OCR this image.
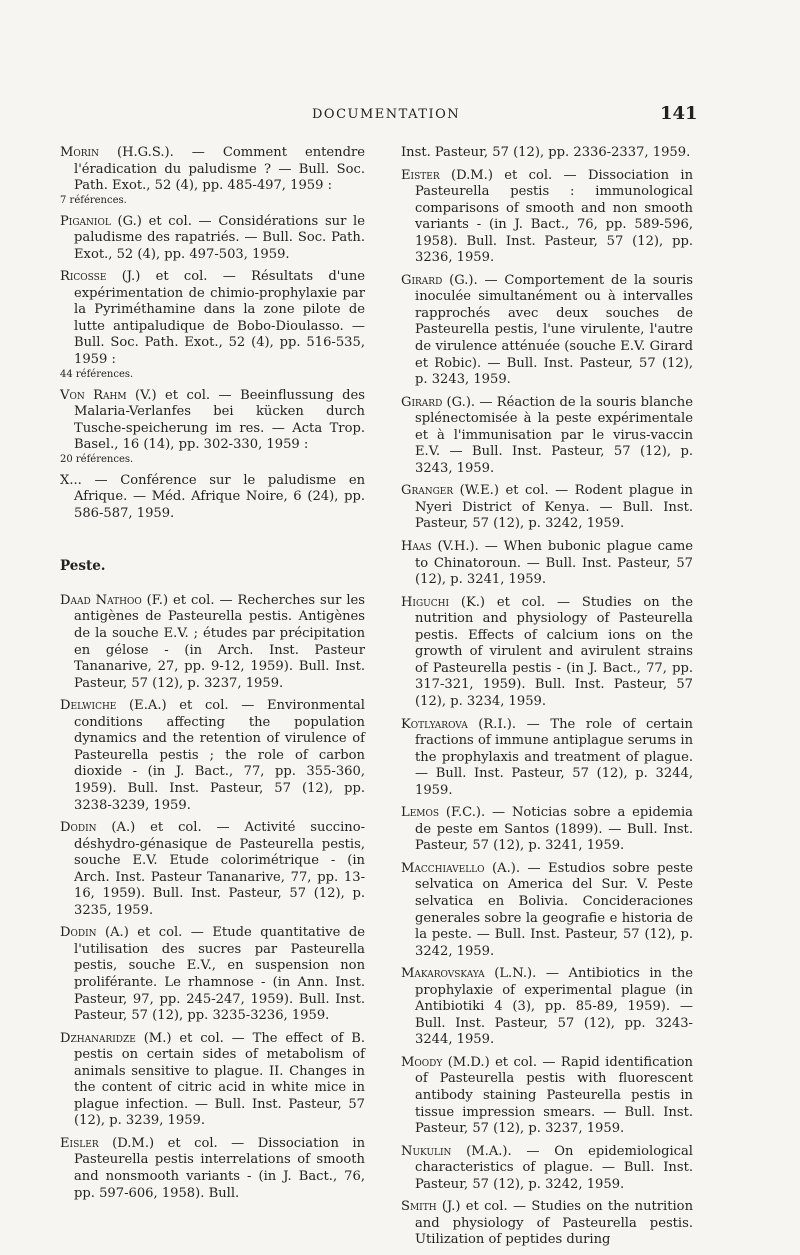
DOCUMENTATION	141
Morin (H.G.S.). — Comment entendre l'éradication du paludisme ? — Bull. Soc. Path. Exot., 52 (4), pp. 485-497, 1959 :
7 références.
Piganiol (G.) et col. — Considérations sur le paludisme des rapatriés. — Bull. Soc. Path. Exot., 52 (4), pp. 497-503, 1959.
Ricosse (J.) et col. — Résultats d'une expérimentation de chimio-prophylaxie par la Pyriméthamine dans la zone pilote de lutte antipaludique de Bobo-Dioulasso. — Bull. Soc. Path. Exot., 52 (4), pp. 516-535, 1959 :
44 références.
Von Rahm (V.) et col. — Beeinflussung des Malaria-Verlanfes bei kücken durch Tusche-speicherung im res. — Acta Trop. Basel., 16 (14), pp. 302-330, 1959 :
20 références.
X... — Conférence sur le paludisme en Afrique. — Méd. Afrique Noire, 6 (24), pp. 586-587, 1959.
Peste.
Daad Nathoo (F.) et col. — Recherches sur les antigènes de Pasteurella pestis. Antigènes de la souche E.V. ; études par précipitation en gélose - (in Arch. Inst. Pasteur Tananarive, 27, pp. 9-12, 1959). Bull. Inst. Pasteur, 57 (12), p. 3237, 1959.
Delwiche (E.A.) et col. — Environmental conditions affecting the population dynamics and the retention of virulence of Pasteurella pestis ; the role of carbon dioxide - (in J. Bact., 77, pp. 355-360, 1959). Bull. Inst. Pasteur, 57 (12), pp. 3238-3239, 1959.
Dodin (A.) et col. — Activité succino-déshydro-génasique de Pasteurella pestis, souche E.V. Etude colorimétrique - (in Arch. Inst. Pasteur Tananarive, 77, pp. 13-16, 1959). Bull. Inst. Pasteur, 57 (12), p. 3235, 1959.
Dodin (A.) et col. — Etude quantitative de l'utilisation des sucres par Pasteurella pestis, souche E.V., en suspension non proliférante. Le rhamnose - (in Ann. Inst. Pasteur, 97, pp. 245-247, 1959). Bull. Inst. Pasteur, 57 (12), pp. 3235-3236, 1959.
Dzhanaridze (M.) et col. — The effect of B. pestis on certain sides of metabolism of animals sensitive to plague. II. Changes in the content of citric acid in white mice in plague infection. — Bull. Inst. Pasteur, 57 (12), p. 3239, 1959.
Eisler (D.M.) et col. — Dissociation in Pasteurella pestis interrelations of smooth and nonsmooth variants - (in J. Bact., 76, pp. 597-606, 1958). Bull.
Inst. Pasteur, 57 (12), pp. 2336-2337, 1959.
Eister (D.M.) et col. — Dissociation in Pasteurella pestis : immunological comparisons of smooth and non smooth variants - (in J. Bact., 76, pp. 589-596, 1958). Bull. Inst. Pasteur, 57 (12), pp. 3236, 1959.
Girard (G.). — Comportement de la souris inoculée simultanément ou à intervalles rapprochés avec deux souches de Pasteurella pestis, l'une virulente, l'autre de virulence atténuée (souche E.V. Girard et Robic). — Bull. Inst. Pasteur, 57 (12), p. 3243, 1959.
Girard (G.). — Réaction de la souris blanche splénectomisée à la peste expérimentale et à l'immunisation par le virus-vaccin E.V. — Bull. Inst. Pasteur, 57 (12), p. 3243, 1959.
Granger (W.E.) et col. — Rodent plague in Nyeri District of Kenya. — Bull. Inst. Pasteur, 57 (12), p. 3242, 1959.
Haas (V.H.). — When bubonic plague came to Chinatoroun. — Bull. Inst. Pasteur, 57 (12), p. 3241, 1959.
Higuchi (K.) et col. — Studies on the nutrition and physiology of Pasteurella pestis. Effects of calcium ions on the growth of virulent and avirulent strains of Pasteurella pestis - (in J. Bact., 77, pp. 317-321, 1959). Bull. Inst. Pasteur, 57 (12), p. 3234, 1959.
Kotlyarova (R.I.). — The role of certain fractions of immune antiplague serums in the prophylaxis and treatment of plague. — Bull. Inst. Pasteur, 57 (12), p. 3244, 1959.
Lemos (F.C.). — Noticias sobre a epidemia de peste em Santos (1899). — Bull. Inst. Pasteur, 57 (12), p. 3241, 1959.
Macchiavello (A.). — Estudios sobre peste selvatica on America del Sur. V. Peste selvatica en Bolivia. Concideraciones generales sobre la geografie e historia de la peste. — Bull. Inst. Pasteur, 57 (12), p. 3242, 1959.
Makarovskaya (L.N.). — Antibiotics in the prophylaxie of experimental plague (in Antibiotiki 4 (3), pp. 85-89, 1959). — Bull. Inst. Pasteur, 57 (12), pp. 3243-3244, 1959.
Moody (M.D.) et col. — Rapid identification of Pasteurella pestis with fluorescent antibody staining Pasteurella pestis in tissue impression smears. — Bull. Inst. Pasteur, 57 (12), p. 3237, 1959.
Nukulin (M.A.). — On epidemiological characteristics of plague. — Bull. Inst. Pasteur, 57 (12), p. 3242, 1959.
Smith (J.) et col. — Studies on the nutrition and physiology of Pasteurella pestis. Utilization of peptides during
